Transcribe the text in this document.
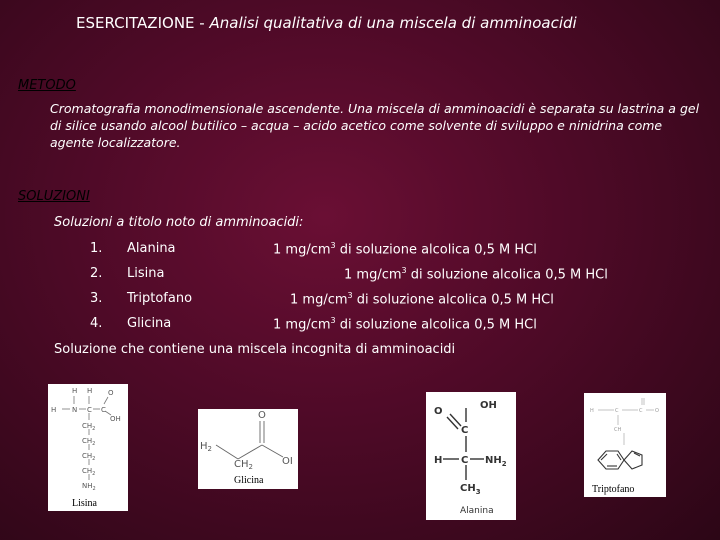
ESERCITAZIONE - Analisi qualitativa di una miscela di amminoacidi
METODO
Cromatografia monodimensionale ascendente. Una miscela di amminoacidi è separata su lastrina a gel
di silice usando alcool butilico – acqua – acido acetico come solvente di sviluppo e ninidrina come
agente localizzatore.
SOLUZIONI
Soluzioni a titolo noto di amminoacidi:
1. Alanina	1 $mg/cm^3$ di soluzione alcolica 0,5 M HCl
2. Lisina	1 $mg/cm^3$ di soluzione alcolica 0,5 M HCl
3. Triptofano	1 $mg/cm^3$ di soluzione alcolica 0,5 M HCl
4. Glicina	1 $mg/cm^3$ di soluzione alcolica 0,5 M HCl
Soluzione che contiene una miscela incognita di amminoacidi
H H
H N C C
O
OH
$CH_2$
$CH_2$
$CH_2$
$CH_2$
$NH_2$
Lisina
$H_2$
O
OI
$CH_2$
Glicina
OH
O
C
H C $NH_2$
$CH_3$
Alanina
H	C	C	O
CH
Triptofano
